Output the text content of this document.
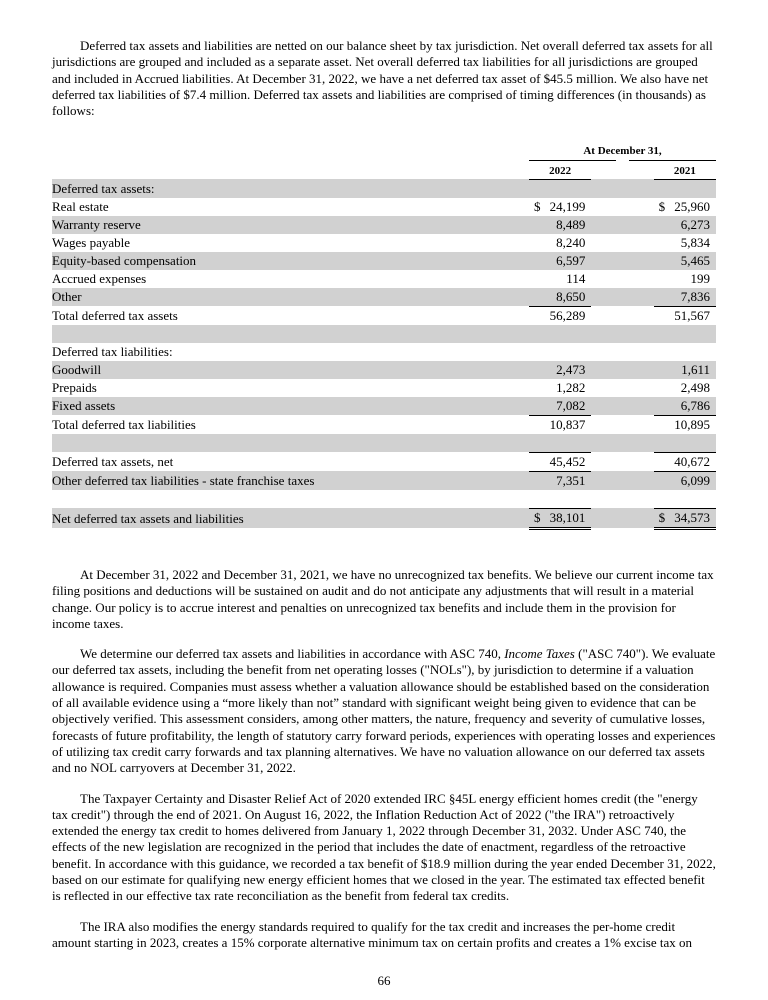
Deferred tax assets and liabilities are netted on our balance sheet by tax jurisdiction. Net overall deferred tax assets for all jurisdictions are grouped and included as a separate asset. Net overall deferred tax liabilities for all jurisdictions are grouped and included in Accrued liabilities. At December 31, 2022, we have a net deferred tax asset of $45.5 million. We also have net deferred tax liabilities of $7.4 million. Deferred tax assets and liabilities are comprised of timing differences (in thousands) as follows:

	At December 31,		

	2022		2021
Deferred tax assets:	

Real estate	$ 24,199		$ 25,960

Warranty reserve	8,489		6,273

Wages payable	8,240		5,834

Equity-based compensation	6,597		5,465

Accrued expenses	114		199

Other	8,650		7,836

Total deferred tax assets	56,289		51,567

Deferred tax liabilities:	

Goodwill	2,473		1,611

Prepaids	1,282		2,498

Fixed assets	7,082		6,786

Total deferred tax liabilities	10,837		10,895

Deferred tax assets, net	45,452		40,672

Other deferred tax liabilities - state franchise taxes	7,351		6,099

Net deferred tax assets and liabilities	$ 38,101		$ 34,573

At December 31, 2022 and December 31, 2021, we have no unrecognized tax benefits. We believe our current income tax filing positions and deductions will be sustained on audit and do not anticipate any adjustments that will result in a material change. Our policy is to accrue interest and penalties on unrecognized tax benefits and include them in the provision for income taxes.

We determine our deferred tax assets and liabilities in accordance with ASC 740, Income Taxes ("ASC 740"). We evaluate our deferred tax assets, including the benefit from net operating losses ("NOLs"), by jurisdiction to determine if a valuation allowance is required. Companies must assess whether a valuation allowance should be established based on the consideration of all available evidence using a “more likely than not” standard with significant weight being given to evidence that can be objectively verified. This assessment considers, among other matters, the nature, frequency and severity of cumulative losses, forecasts of future profitability, the length of statutory carry forward periods, experiences with operating losses and experiences of utilizing tax credit carry forwards and tax planning alternatives. We have no valuation allowance on our deferred tax assets and no NOL carryovers at December 31, 2022.

The Taxpayer Certainty and Disaster Relief Act of 2020 extended IRC §45L energy efficient homes credit (the "energy tax credit") through the end of 2021. On August 16, 2022, the Inflation Reduction Act of 2022 ("the IRA") retroactively extended the energy tax credit to homes delivered from January 1, 2022 through December 31, 2032. Under ASC 740, the effects of the new legislation are recognized in the period that includes the date of enactment, regardless of the retroactive benefit. In accordance with this guidance, we recorded a tax benefit of $18.9 million during the year ended December 31, 2022, based on our estimate for qualifying new energy efficient homes that we closed in the year. The estimated tax effected benefit is reflected in our effective tax rate reconciliation as the benefit from federal tax credits.

The IRA also modifies the energy standards required to qualify for the tax credit and increases the per-home credit amount starting in 2023, creates a 15% corporate alternative minimum tax on certain profits and creates a 1% excise tax on

66
